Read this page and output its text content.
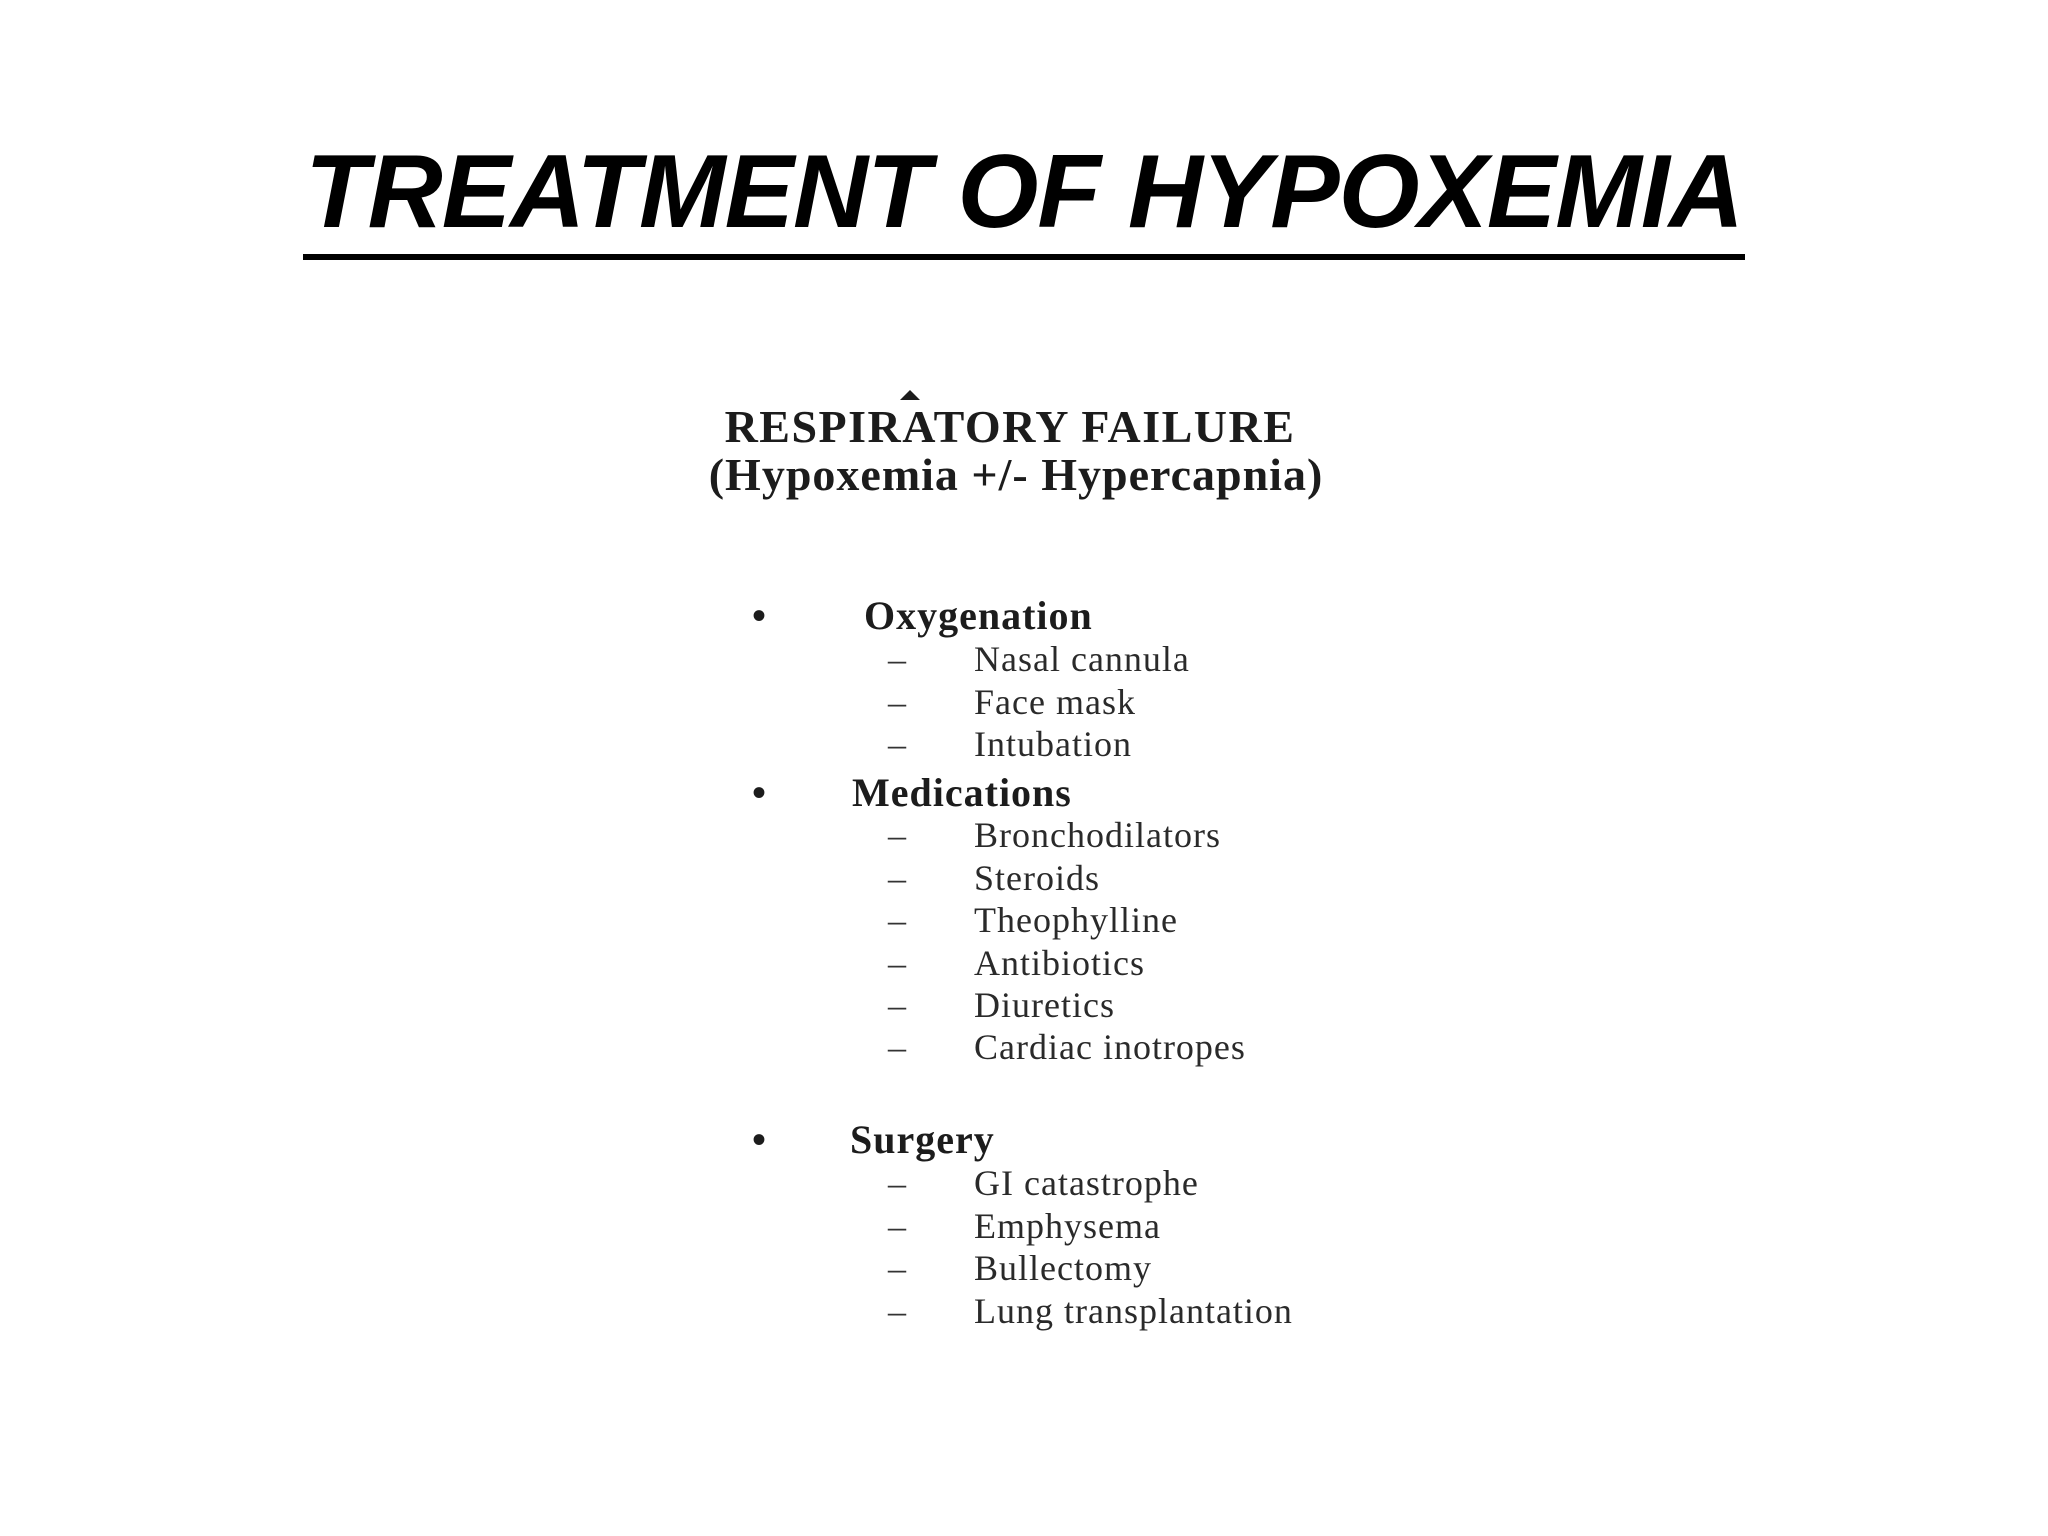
TREATMENT OF HYPOXEMIA
RESPIRATORY FAILURE
(Hypoxemia +/- Hypercapnia)
• Oxygenation
– Nasal cannula
– Face mask
– Intubation
• Medications
– Bronchodilators
– Steroids
– Theophylline
– Antibiotics
– Diuretics
– Cardiac inotropes
• Surgery
– GI catastrophe
– Emphysema
– Bullectomy
– Lung transplantation
